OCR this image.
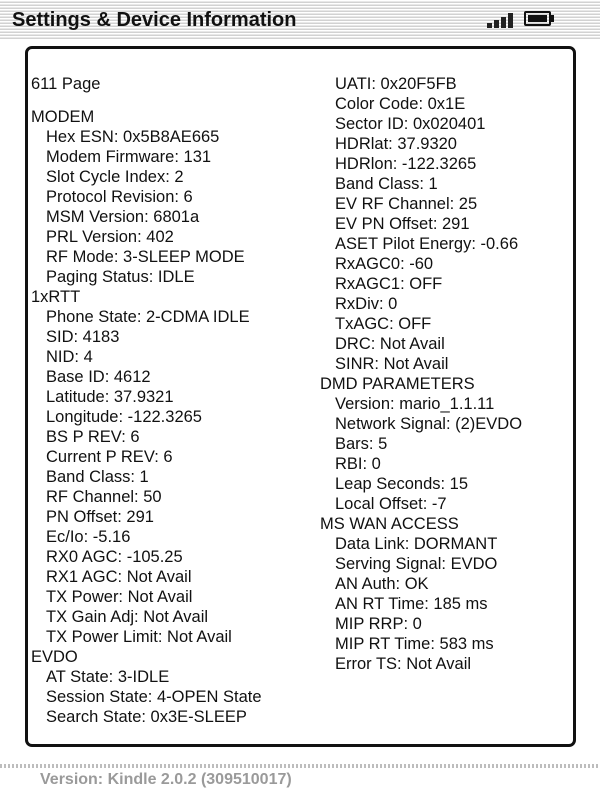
Settings & Device Information
611 Page
MODEM
Hex ESN: 0x5B8AE665
Modem Firmware: 131
Slot Cycle Index: 2
Protocol Revision: 6
MSM Version: 6801a
PRL Version: 402
RF Mode: 3-SLEEP MODE
Paging Status: IDLE
1xRTT
Phone State: 2-CDMA IDLE
SID: 4183
NID: 4
Base ID: 4612
Latitude: 37.9321
Longitude: -122.3265
BS P REV: 6
Current P REV: 6
Band Class: 1
RF Channel: 50
PN Offset: 291
Ec/Io: -5.16
RX0 AGC: -105.25
RX1 AGC: Not Avail
TX Power: Not Avail
TX Gain Adj: Not Avail
TX Power Limit: Not Avail
EVDO
AT State: 3-IDLE
Session State: 4-OPEN State
Search State: 0x3E-SLEEP
UATI: 0x20F5FB
Color Code: 0x1E
Sector ID: 0x020401
HDRlat: 37.9320
HDRlon: -122.3265
Band Class: 1
EV RF Channel: 25
EV PN Offset: 291
ASET Pilot Energy: -0.66
RxAGC0: -60
RxAGC1: OFF
RxDiv: 0
TxAGC: OFF
DRC: Not Avail
SINR: Not Avail
DMD PARAMETERS
Version: mario_1.1.11
Network Signal: (2)EVDO
Bars: 5
RBI: 0
Leap Seconds: 15
Local Offset: -7
MS WAN ACCESS
Data Link: DORMANT
Serving Signal: EVDO
AN Auth: OK
AN RT Time: 185 ms
MIP RRP: 0
MIP RT Time: 583 ms
Error TS: Not Avail
Version: Kindle 2.0.2 (309510017)
